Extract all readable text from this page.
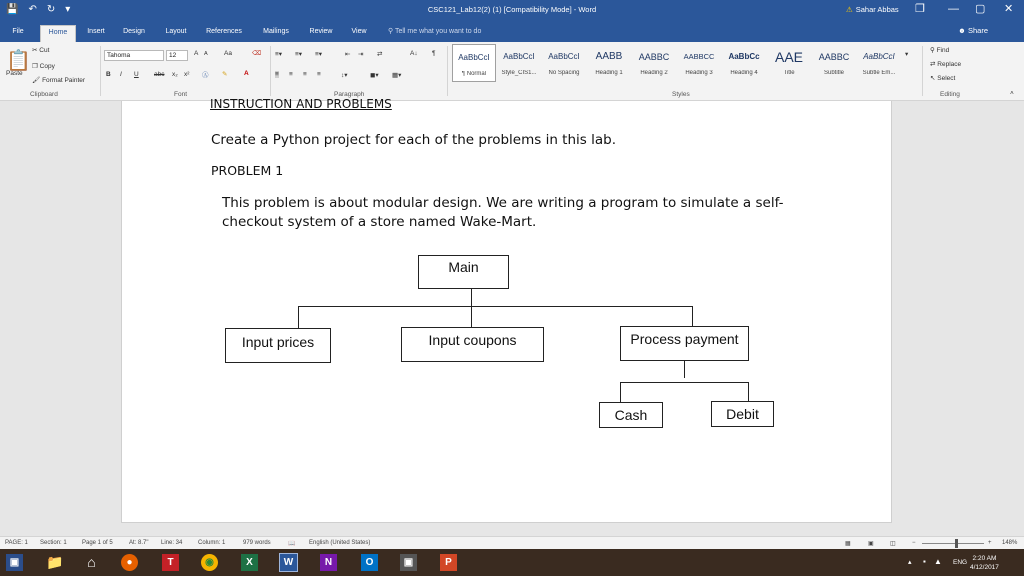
💾 ↶ ↻ ▾	CSC121_Lab12(2) (1) [Compatibility Mode] - Word	⚠ Sahar Abbas ❐ — ▢ ✕
File	Home	Insert	Design	Layout	References	Mailings	Review	View	⚲ Tell me what you want to do	☻ Share
📋
Paste
✂ Cut
❐ Copy
🖌 Format Painter
Clipboard
Tahoma	12	A A	Aa	⌫
B I U abc x₂ x² Ⓐ ✎	A
Font
≡▾ ≡▾ ≡▾	⇤ ⇥ ⇄	A↓ ¶
≡ ≡ ≡ ≡	↕▾	◼▾ ▦▾
Paragraph
AaBbCcI
¶ Normal
AaBbCcI
Style_CIS1...
AaBbCcI
No Spacing
AABB
Heading 1
AABBC
Heading 2
AABBCC
Heading 3
AaBbCc
Heading 4
AAE
Title
AABBC
Subtitle
AaBbCcI
Subtle Em...
▾
Styles
⚲ Find
⇄ Replace
↖ Select
Editing	˄
INSTRUCTION AND PROBLEMS
Create a Python project for each of the problems in this lab.
PROBLEM 1
This problem is about modular design. We are writing a program to simulate a self-
checkout system of a store named Wake-Mart.
Main
Input prices	Input coupons	Process payment
Cash	Debit
PAGE: 1 Section: 1	Page 1 of 5	At: 8.7" Line: 34	Column: 1	979 words	📖 English (United States)	▦	▣	◫	−	+ 148%
▣ 📁	⌂	●	T	◉	X	W	N	O	▣	P	▴ ▪ ▲ ENG
2:20 AM
4/12/2017
